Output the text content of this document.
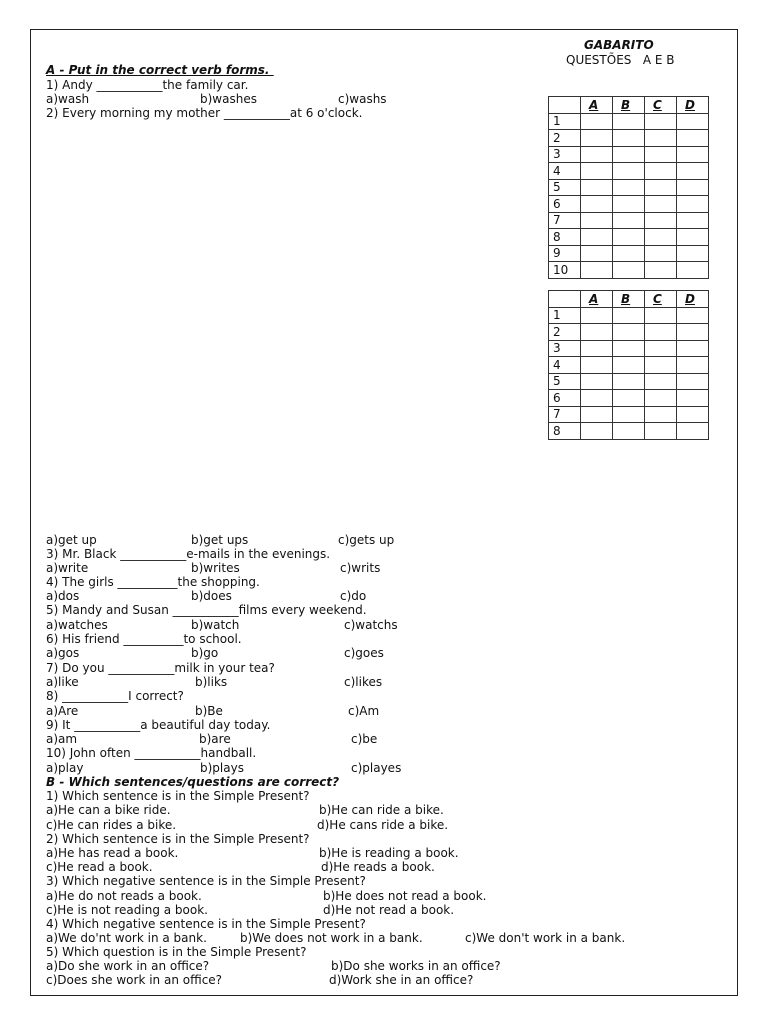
GABARITO
QUESTÕES   A E B
	A	B	C	D
1				
2				
3				
4				
5				
6				
7				
8				
9				
10				
	A	B	C	D
1				
2				
3				
4				
5				
6				
7				
8				
A - Put in the correct verb forms.
1) Andy ___________the family car.
a)wash	b)washes	c)washs
2) Every morning my mother ___________at 6 o'clock.
a)get up	b)get ups	c)gets up
3) Mr. Black ___________e-mails in the evenings.
a)write	b)writes	c)writs
4) The girls __________the shopping.
a)dos	b)does	c)do
5) Mandy and Susan ___________films every weekend.
a)watches	b)watch	c)watchs
6) His friend __________to school.
a)gos	b)go	c)goes
7) Do you ___________milk in your tea?
a)like	b)liks	c)likes
8) ___________I correct?
a)Are	b)Be	c)Am
9) It ___________a beautiful day today.
a)am	b)are	c)be
10) John often ___________handball.
a)play	b)plays	c)playes
B - Which sentences/questions are correct?
1) Which sentence is in the Simple Present?
a)He can a bike ride.	b)He can ride a bike.
c)He can rides a bike.	d)He cans ride a bike.
2) Which sentence is in the Simple Present?
a)He has read a book.	b)He is reading a book.
c)He read a book.	d)He reads a book.
3) Which negative sentence is in the Simple Present?
a)He do not reads a book.	b)He does not read a book.
c)He is not reading a book.	d)He not read a book.
4) Which negative sentence is in the Simple Present?
a)We do'nt work in a bank.	b)We does not work in a bank.	c)We don't work in a bank.
5) Which question is in the Simple Present?
a)Do she work in an office?	b)Do she works in an office?
c)Does she work in an office?	d)Work she in an office?
